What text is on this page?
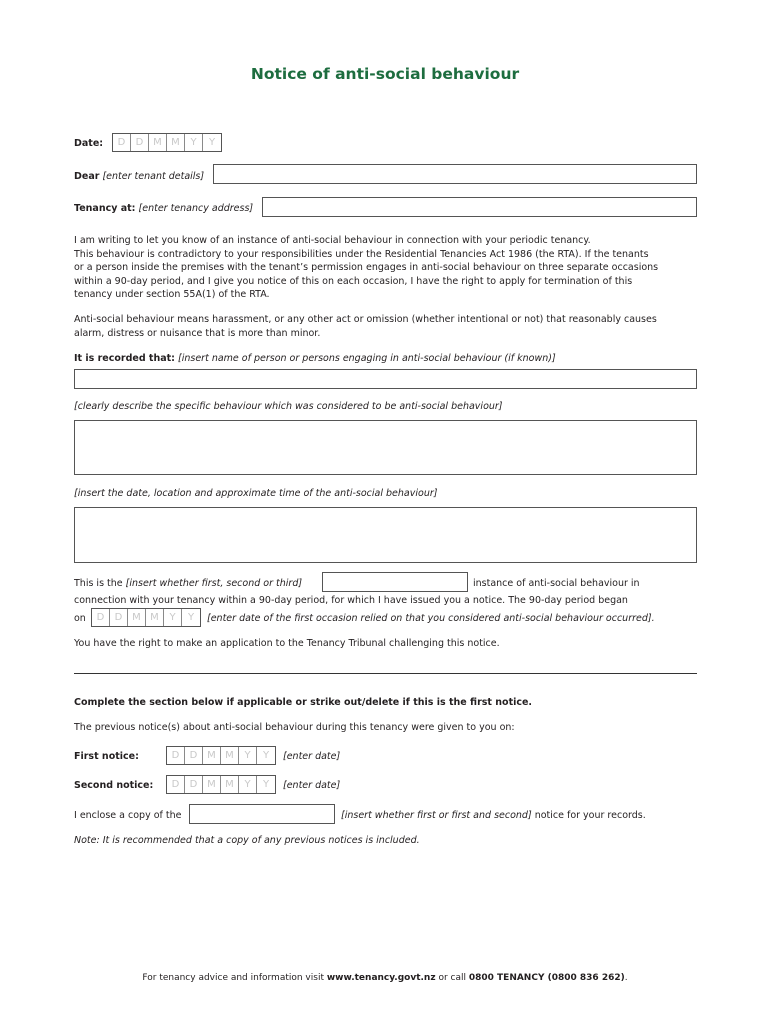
Notice of anti-social behaviour
Date:	D	D M M	Y	Y
Dear [enter tenant details]
Tenancy at: [enter tenancy address]
I am writing to let you know of an instance of anti-social behaviour in connection with your periodic tenancy.
This behaviour is contradictory to your responsibilities under the Residential Tenancies Act 1986 (the RTA). If the tenants
or a person inside the premises with the tenant’s permission engages in anti-social behaviour on three separate occasions
within a 90-day period, and I give you notice of this on each occasion, I have the right to apply for termination of this
tenancy under section 55A(1) of the RTA.
Anti-social behaviour means harassment, or any other act or omission (whether intentional or not) that reasonably causes
alarm, distress or nuisance that is more than minor.
It is recorded that: [insert name of person or persons engaging in anti-social behaviour (if known)]
[clearly describe the specific behaviour which was considered to be anti-social behaviour]
[insert the date, location and approximate time of the anti-social behaviour]
This is the [insert whether first, second or third]	instance of anti-social behaviour in
connection with your tenancy within a 90-day period, for which I have issued you a notice. The 90-day period began
on	D	D M M	Y	Y	[enter date of the first occasion relied on that you considered anti-social behaviour occurred].
You have the right to make an application to the Tenancy Tribunal challenging this notice.
Complete the section below if applicable or strike out/delete if this is the first notice.
The previous notice(s) about anti-social behaviour during this tenancy were given to you on:
First notice:	D	D M M	Y	Y	[enter date]
Second notice:	D	D M M	Y	Y	[enter date]
I enclose a copy of the	[insert whether first or first and second] notice for your records.
Note: It is recommended that a copy of any previous notices is included.
For tenancy advice and information visit www.tenancy.govt.nz or call 0800 TENANCY (0800 836 262).
